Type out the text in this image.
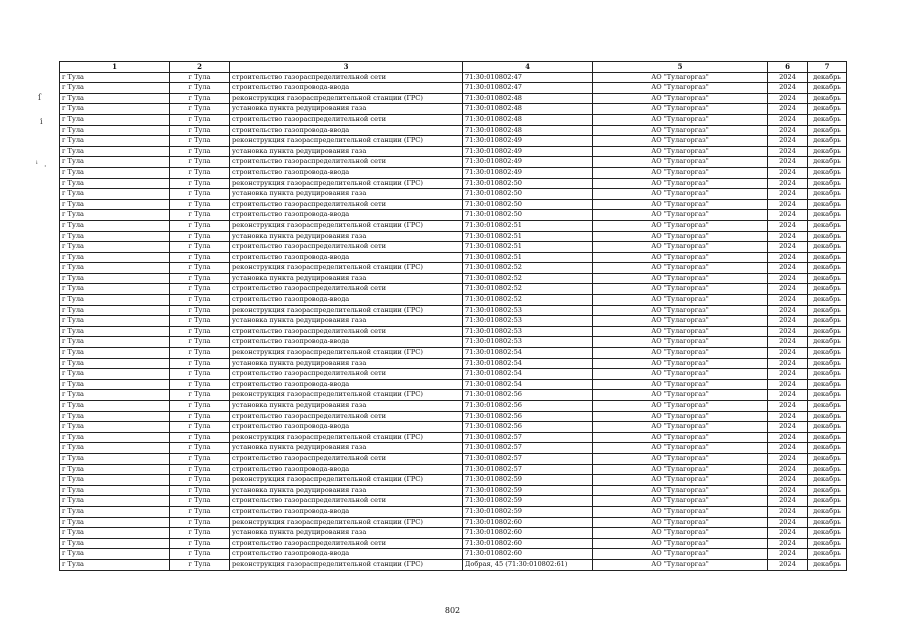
ſ
ⅰ
ᵢ
·
1	2	3	4	5	6	7
г Тула	г Тула	строительство газораспределительной сети	71:30:010802:47	АО "Тулагоргаз"	2024	декабрь
г Тула	г Тула	строительство газопровода-ввода	71:30:010802:47	АО "Тулагоргаз"	2024	декабрь
г Тула	г Тула	реконструкция газораспределительной станции (ГРС)	71:30:010802:48	АО "Тулагоргаз"	2024	декабрь
г Тула	г Тула	установка пункта редуцирования газа	71:30:010802:48	АО "Тулагоргаз"	2024	декабрь
г Тула	г Тула	строительство газораспределительной сети	71:30:010802:48	АО "Тулагоргаз"	2024	декабрь
г Тула	г Тула	строительство газопровода-ввода	71:30:010802:48	АО "Тулагоргаз"	2024	декабрь
г Тула	г Тула	реконструкция газораспределительной станции (ГРС)	71:30:010802:49	АО "Тулагоргаз"	2024	декабрь
г Тула	г Тула	установка пункта редуцирования газа	71:30:010802:49	АО "Тулагоргаз"	2024	декабрь
г Тула	г Тула	строительство газораспределительной сети	71:30:010802:49	АО "Тулагоргаз"	2024	декабрь
г Тула	г Тула	строительство газопровода-ввода	71:30:010802:49	АО "Тулагоргаз"	2024	декабрь
г Тула	г Тула	реконструкция газораспределительной станции (ГРС)	71:30:010802:50	АО "Тулагоргаз"	2024	декабрь
г Тула	г Тула	установка пункта редуцирования газа	71:30:010802:50	АО "Тулагоргаз"	2024	декабрь
г Тула	г Тула	строительство газораспределительной сети	71:30:010802:50	АО "Тулагоргаз"	2024	декабрь
г Тула	г Тула	строительство газопровода-ввода	71:30:010802:50	АО "Тулагоргаз"	2024	декабрь
г Тула	г Тула	реконструкция газораспределительной станции (ГРС)	71:30:010802:51	АО "Тулагоргаз"	2024	декабрь
г Тула	г Тула	установка пункта редуцирования газа	71:30:010802:51	АО "Тулагоргаз"	2024	декабрь
г Тула	г Тула	строительство газораспределительной сети	71:30:010802:51	АО "Тулагоргаз"	2024	декабрь
г Тула	г Тула	строительство газопровода-ввода	71:30:010802:51	АО "Тулагоргаз"	2024	декабрь
г Тула	г Тула	реконструкция газораспределительной станции (ГРС)	71:30:010802:52	АО "Тулагоргаз"	2024	декабрь
г Тула	г Тула	установка пункта редуцирования газа	71:30:010802:52	АО "Тулагоргаз"	2024	декабрь
г Тула	г Тула	строительство газораспределительной сети	71:30:010802:52	АО "Тулагоргаз"	2024	декабрь
г Тула	г Тула	строительство газопровода-ввода	71:30:010802:52	АО "Тулагоргаз"	2024	декабрь
г Тула	г Тула	реконструкция газораспределительной станции (ГРС)	71:30:010802:53	АО "Тулагоргаз"	2024	декабрь
г Тула	г Тула	установка пункта редуцирования газа	71:30:010802:53	АО "Тулагоргаз"	2024	декабрь
г Тула	г Тула	строительство газораспределительной сети	71:30:010802:53	АО "Тулагоргаз"	2024	декабрь
г Тула	г Тула	строительство газопровода-ввода	71:30:010802:53	АО "Тулагоргаз"	2024	декабрь
г Тула	г Тула	реконструкция газораспределительной станции (ГРС)	71:30:010802:54	АО "Тулагоргаз"	2024	декабрь
г Тула	г Тула	установка пункта редуцирования газа	71:30:010802:54	АО "Тулагоргаз"	2024	декабрь
г Тула	г Тула	строительство газораспределительной сети	71:30:010802:54	АО "Тулагоргаз"	2024	декабрь
г Тула	г Тула	строительство газопровода-ввода	71:30:010802:54	АО "Тулагоргаз"	2024	декабрь
г Тула	г Тула	реконструкция газораспределительной станции (ГРС)	71:30:010802:56	АО "Тулагоргаз"	2024	декабрь
г Тула	г Тула	установка пункта редуцирования газа	71:30:010802:56	АО "Тулагоргаз"	2024	декабрь
г Тула	г Тула	строительство газораспределительной сети	71:30:010802:56	АО "Тулагоргаз"	2024	декабрь
г Тула	г Тула	строительство газопровода-ввода	71:30:010802:56	АО "Тулагоргаз"	2024	декабрь
г Тула	г Тула	реконструкция газораспределительной станции (ГРС)	71:30:010802:57	АО "Тулагоргаз"	2024	декабрь
г Тула	г Тула	установка пункта редуцирования газа	71:30:010802:57	АО "Тулагоргаз"	2024	декабрь
г Тула	г Тула	строительство газораспределительной сети	71:30:010802:57	АО "Тулагоргаз"	2024	декабрь
г Тула	г Тула	строительство газопровода-ввода	71:30:010802:57	АО "Тулагоргаз"	2024	декабрь
г Тула	г Тула	реконструкция газораспределительной станции (ГРС)	71:30:010802:59	АО "Тулагоргаз"	2024	декабрь
г Тула	г Тула	установка пункта редуцирования газа	71:30:010802:59	АО "Тулагоргаз"	2024	декабрь
г Тула	г Тула	строительство газораспределительной сети	71:30:010802:59	АО "Тулагоргаз"	2024	декабрь
г Тула	г Тула	строительство газопровода-ввода	71:30:010802:59	АО "Тулагоргаз"	2024	декабрь
г Тула	г Тула	реконструкция газораспределительной станции (ГРС)	71:30:010802:60	АО "Тулагоргаз"	2024	декабрь
г Тула	г Тула	установка пункта редуцирования газа	71:30:010802:60	АО "Тулагоргаз"	2024	декабрь
г Тула	г Тула	строительство газораспределительной сети	71:30:010802:60	АО "Тулагоргаз"	2024	декабрь
г Тула	г Тула	строительство газопровода-ввода	71:30:010802:60	АО "Тулагоргаз"	2024	декабрь
г Тула	г Тула	реконструкция газораспределительной станции (ГРС)	Добрая, 45 (71:30:010802:61)	АО "Тулагоргаз"	2024	декабрь
802
